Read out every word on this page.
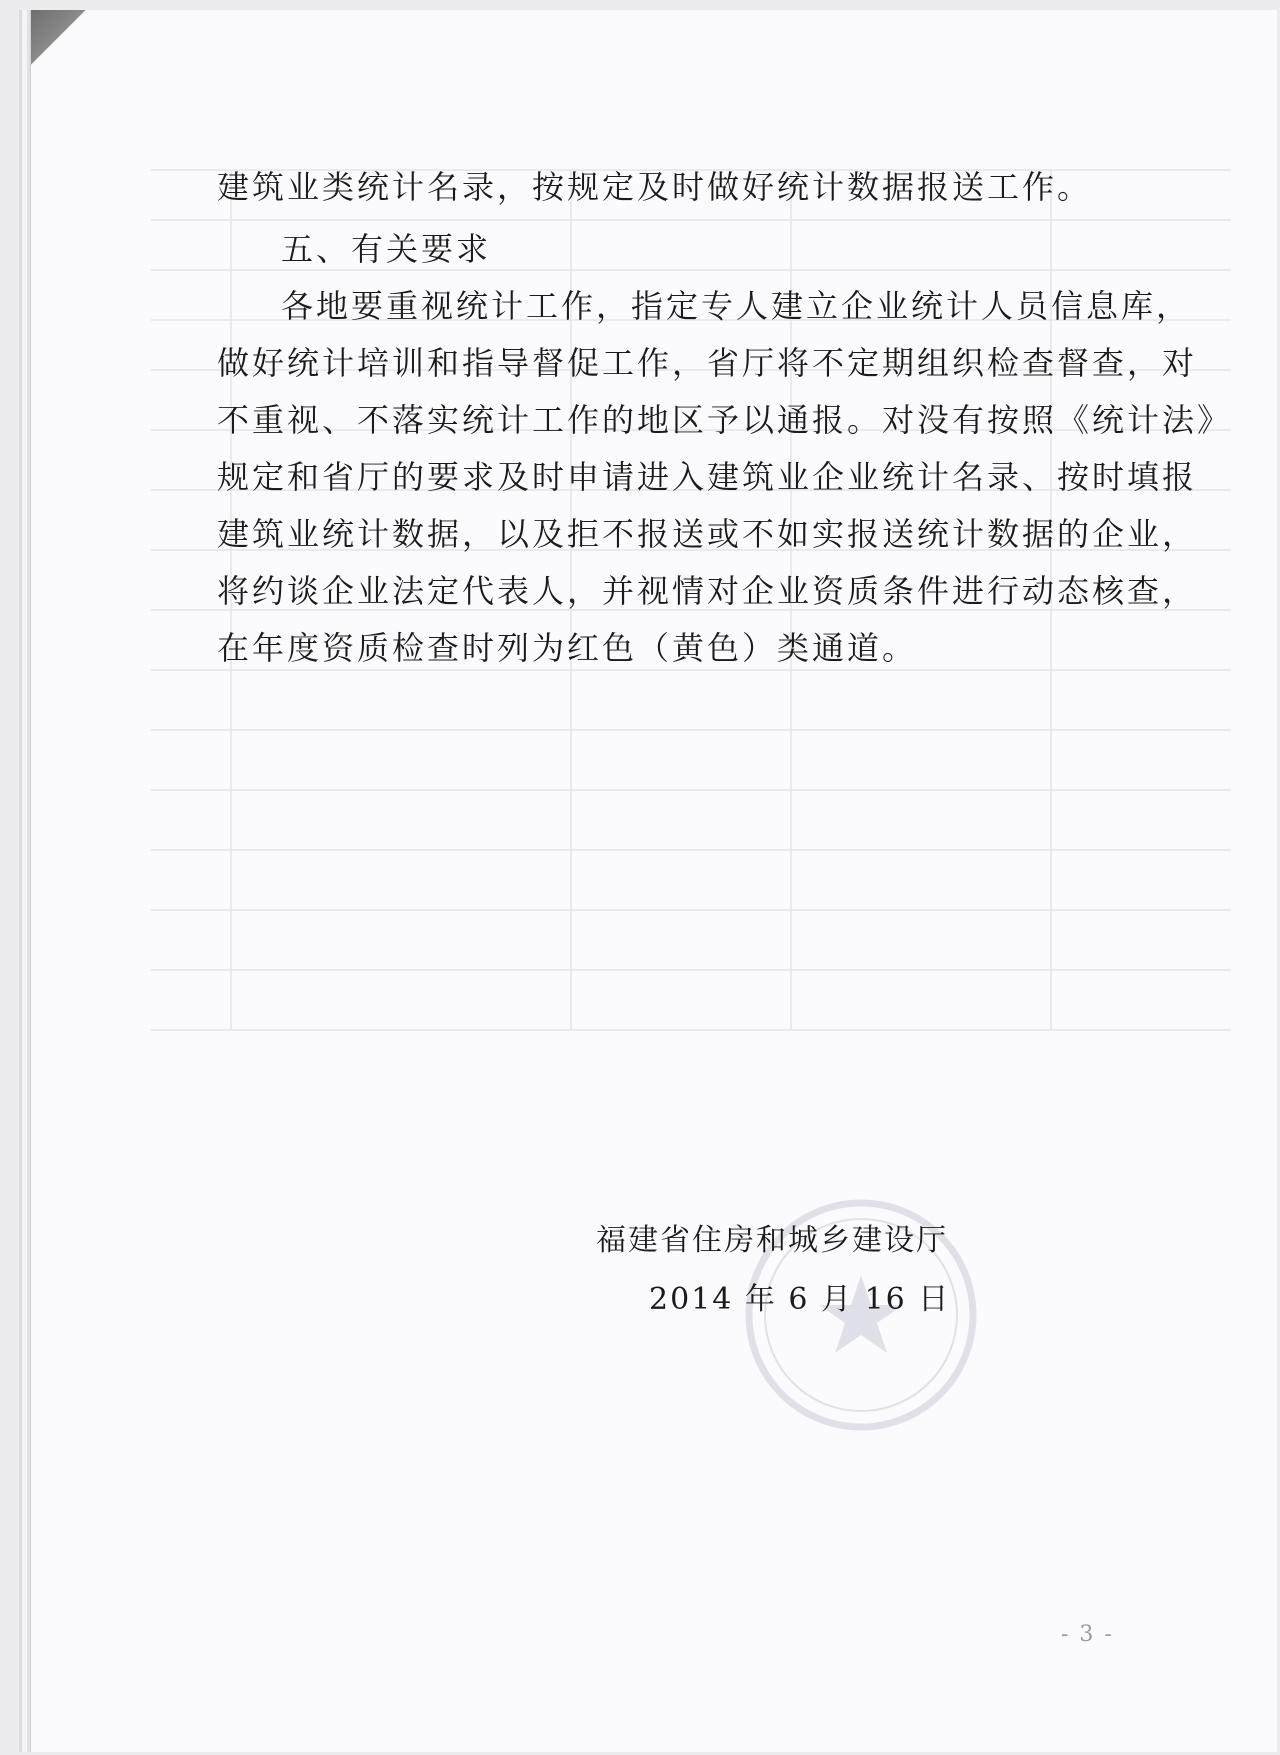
建筑业类统计名录，按规定及时做好统计数据报送工作。
五、有关要求
各地要重视统计工作，指定专人建立企业统计人员信息库，
做好统计培训和指导督促工作，省厅将不定期组织检查督查，对
不重视、不落实统计工作的地区予以通报。对没有按照《统计法》
规定和省厅的要求及时申请进入建筑业企业统计名录、按时填报
建筑业统计数据，以及拒不报送或不如实报送统计数据的企业，
将约谈企业法定代表人，并视情对企业资质条件进行动态核查，
在年度资质检查时列为红色（黄色）类通道。
福建省住房和城乡建设厅
2014 年 6 月 16 日
- 3 -
